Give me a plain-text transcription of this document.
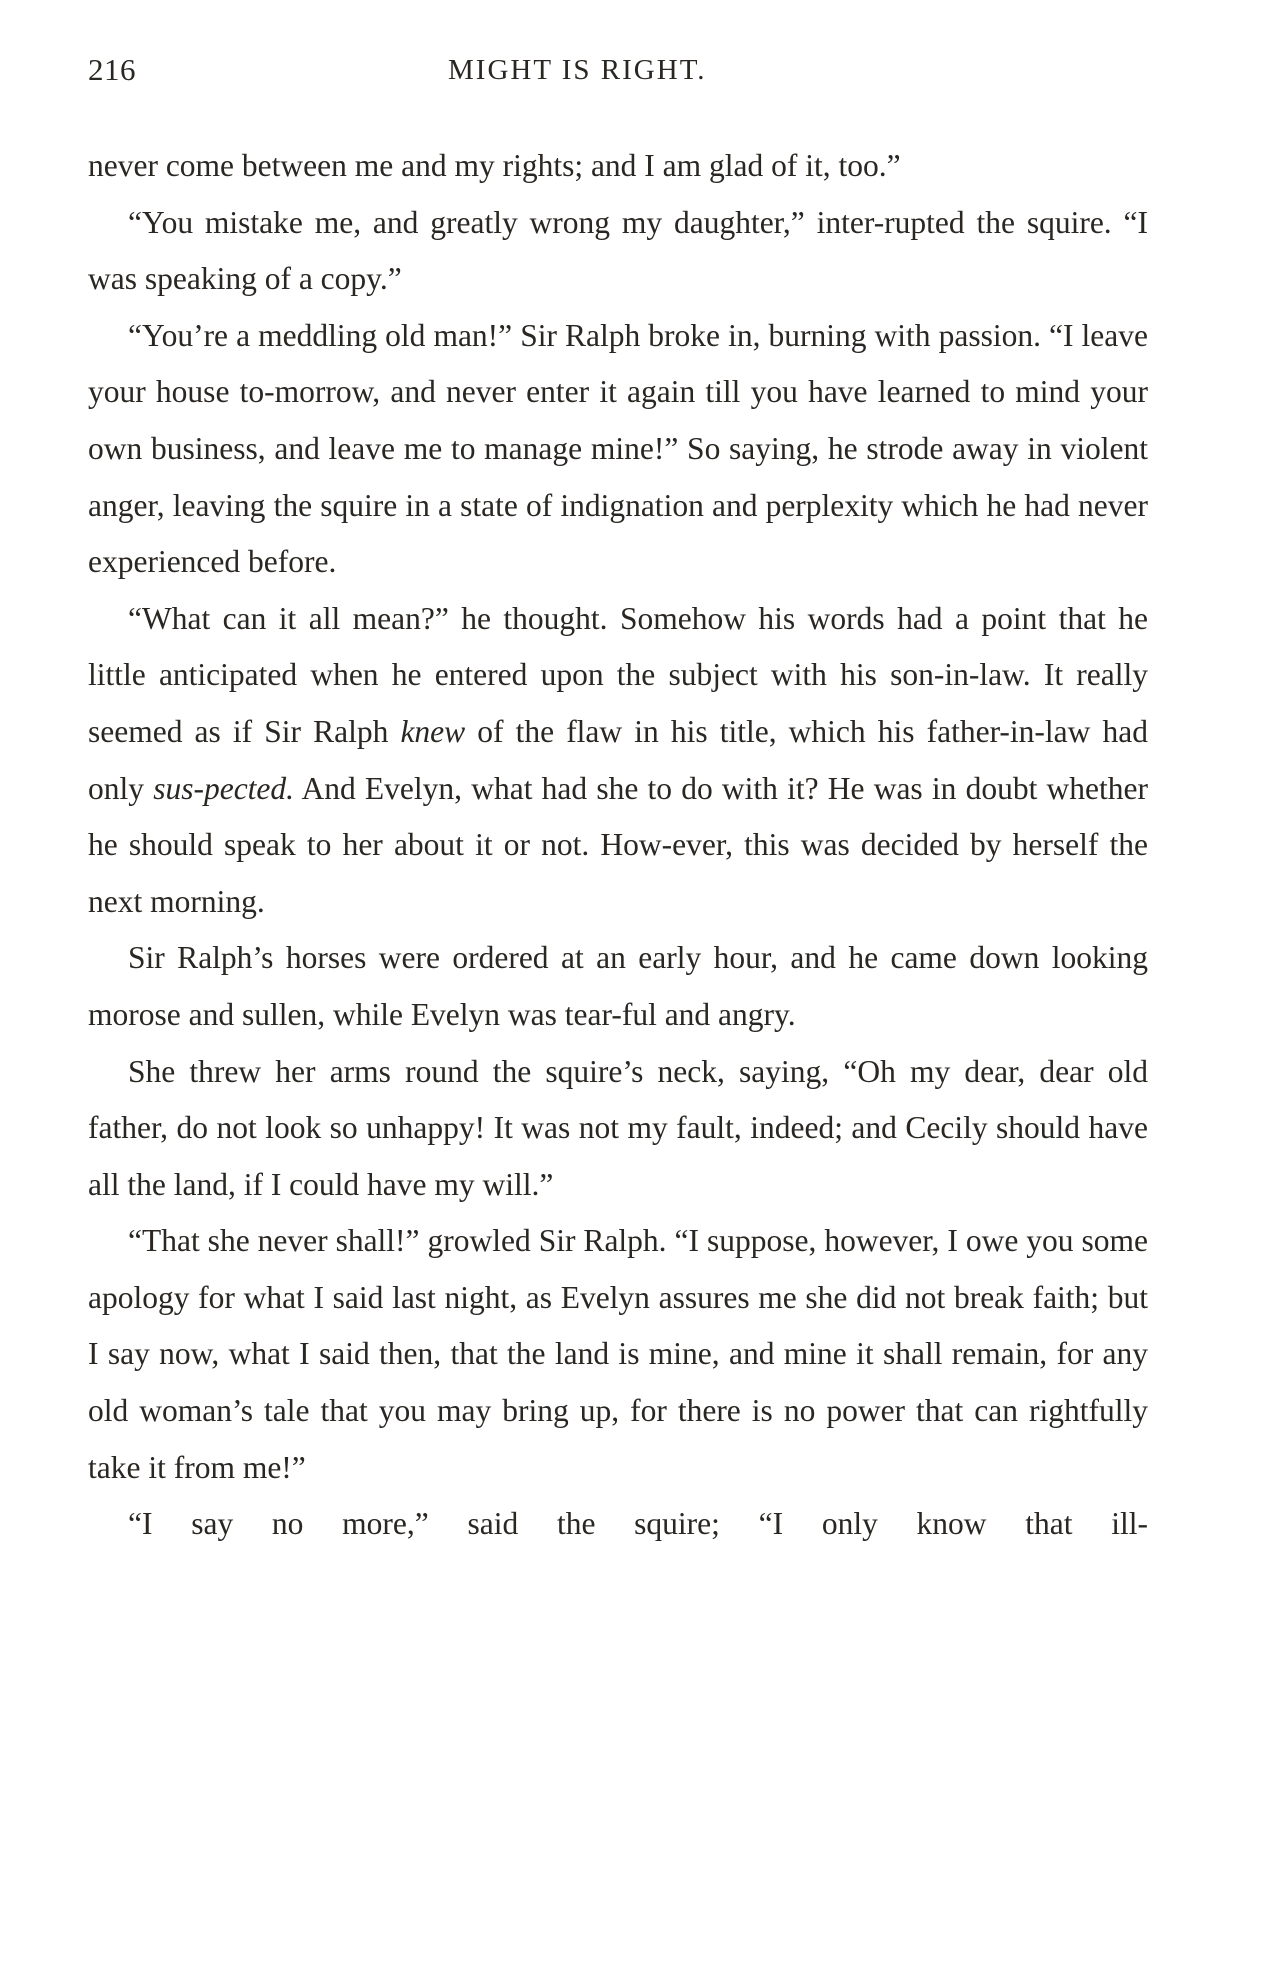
216	MIGHT IS RIGHT.

never come between me and my rights; and I am glad of it, too.”

“You mistake me, and greatly wrong my daughter,” inter-rupted the squire. “I was speaking of a copy.”

“You’re a meddling old man!” Sir Ralph broke in, burning with passion. “I leave your house to-morrow, and never enter it again till you have learned to mind your own business, and leave me to manage mine!” So saying, he strode away in violent anger, leaving the squire in a state of indignation and perplexity which he had never experienced before.

“What can it all mean?” he thought. Somehow his words had a point that he little anticipated when he entered upon the subject with his son-in-law. It really seemed as if Sir Ralph knew of the flaw in his title, which his father-in-law had only sus-pected. And Evelyn, what had she to do with it? He was in doubt whether he should speak to her about it or not. How-ever, this was decided by herself the next morning.

Sir Ralph’s horses were ordered at an early hour, and he came down looking morose and sullen, while Evelyn was tear-ful and angry.

She threw her arms round the squire’s neck, saying, “Oh my dear, dear old father, do not look so unhappy! It was not my fault, indeed; and Cecily should have all the land, if I could have my will.”

“That she never shall!” growled Sir Ralph. “I suppose, however, I owe you some apology for what I said last night, as Evelyn assures me she did not break faith; but I say now, what I said then, that the land is mine, and mine it shall remain, for any old woman’s tale that you may bring up, for there is no power that can rightfully take it from me!”

“I say no more,” said the squire; “I only know that ill-
